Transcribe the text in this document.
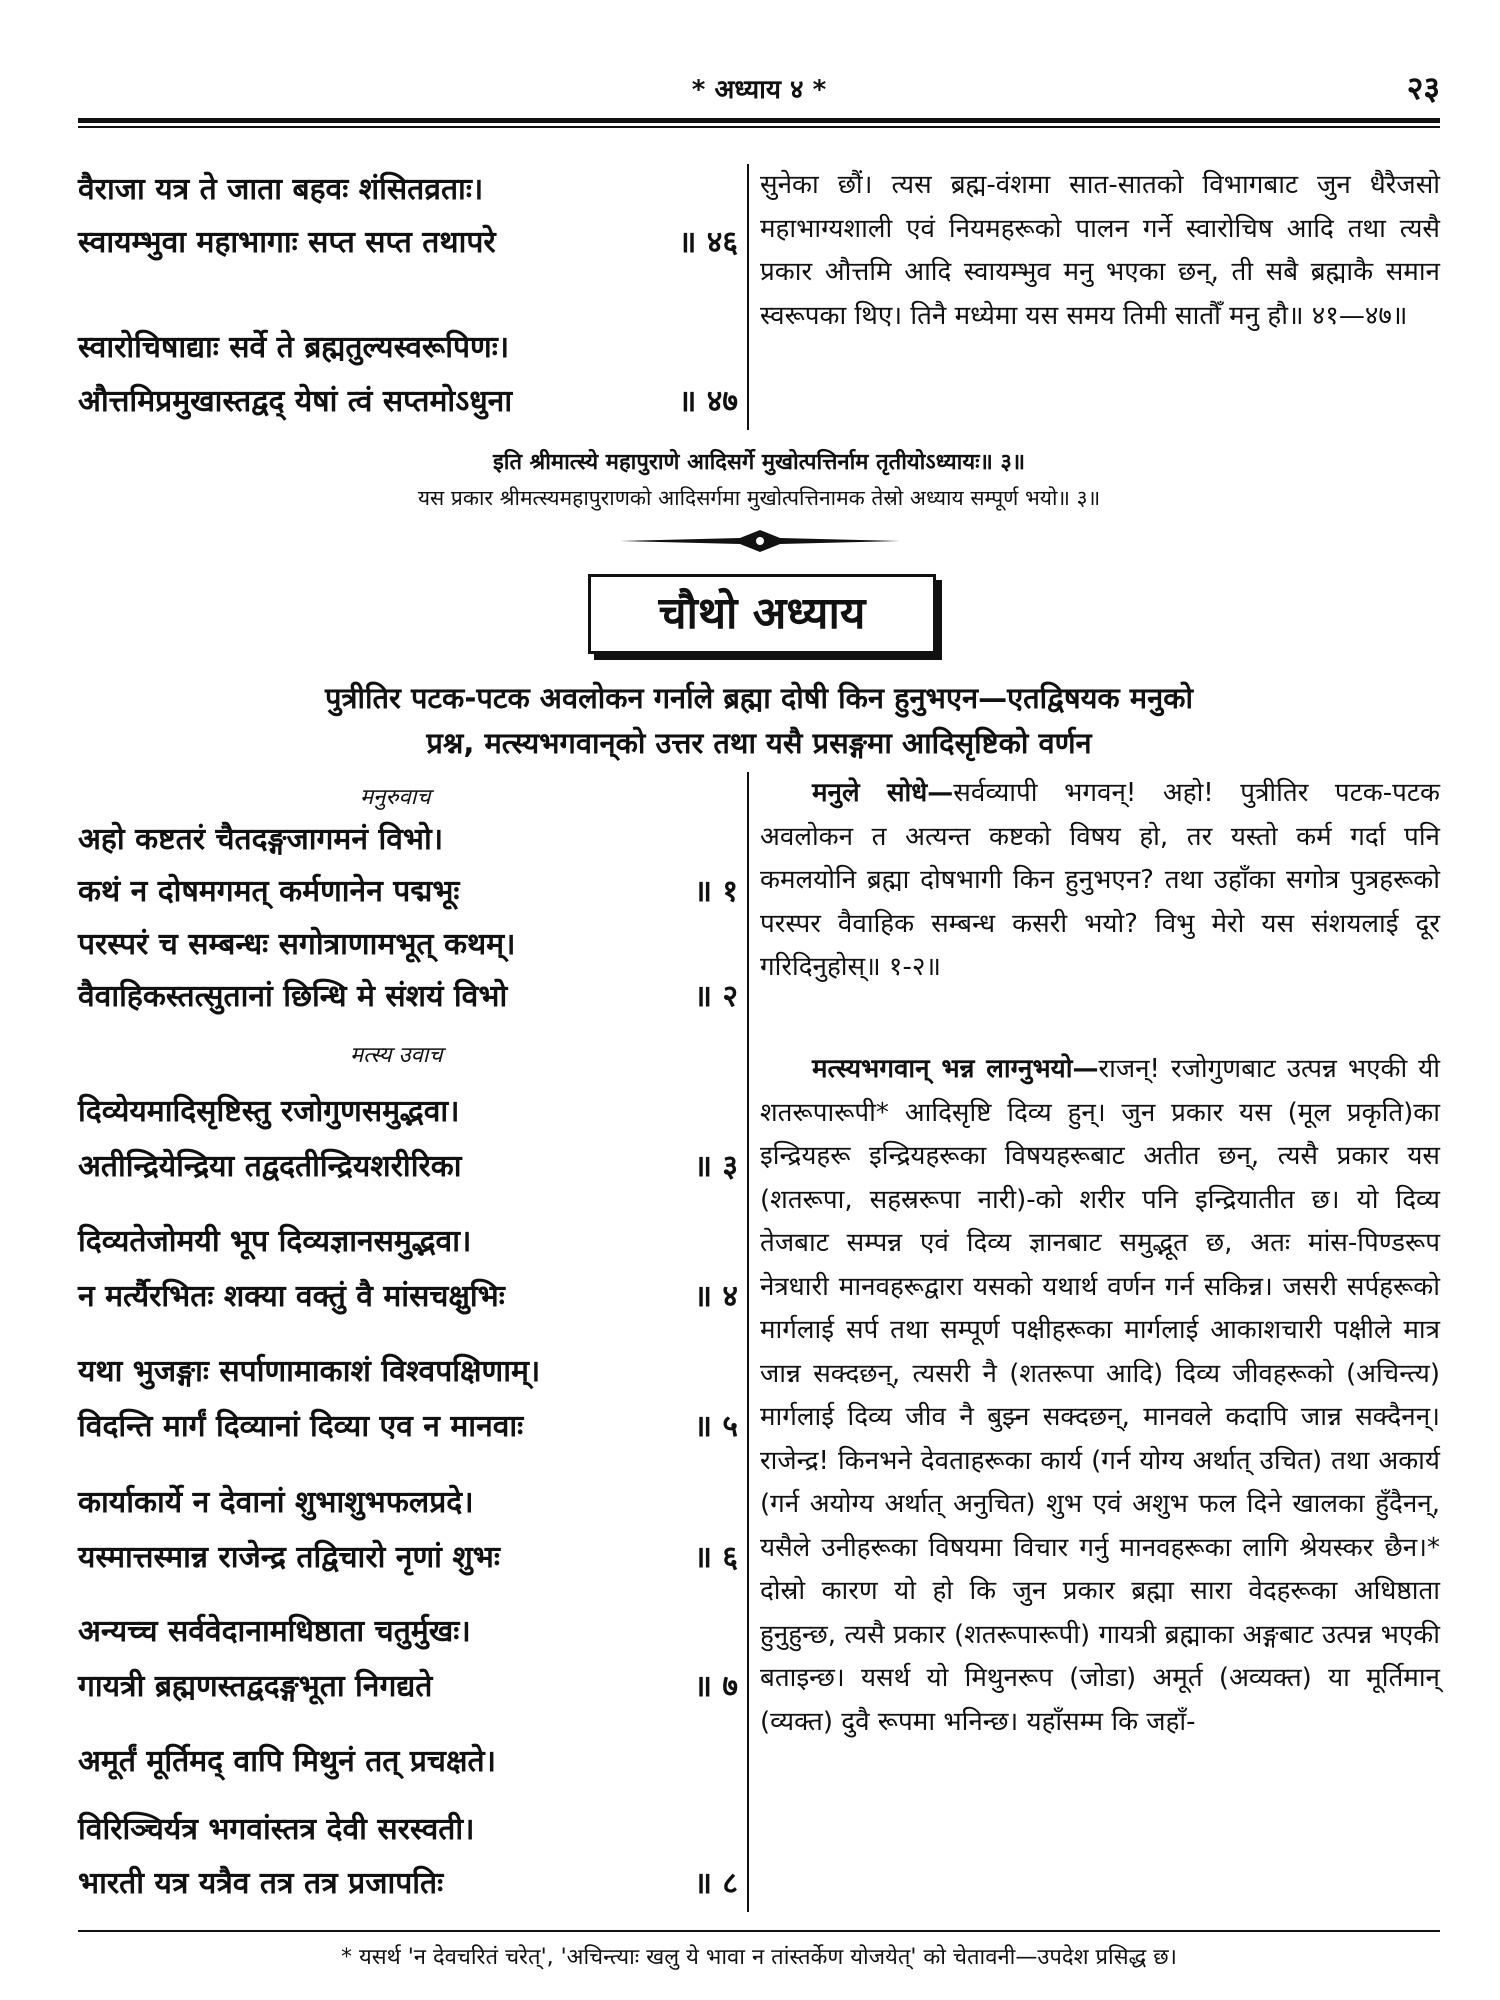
* अध्याय ४ *	२३
वैराजा यत्र ते जाता बहवः शंसितव्रताः।
स्वायम्भुवा महाभागाः सप्त सप्त तथापरे	॥ ४६
स्वारोचिषाद्याः सर्वे ते ब्रह्मतुल्यस्वरूपिणः।
औत्तमिप्रमुखास्तद्वद् येषां त्वं सप्तमोऽधुना	॥ ४७

सुनेका छौं। त्यस ब्रह्म-वंशमा सात-सातको विभागबाट जुन धैरैजसो महाभाग्यशाली एवं नियमहरूको पालन गर्ने स्वारोचिष आदि तथा त्यसै प्रकार औत्तमि आदि स्वायम्भुव मनु भएका छन्, ती सबै ब्रह्माकै समान स्वरूपका थिए। तिनै मध्येमा यस समय तिमी सातौँ मनु हौ॥ ४१—४७॥

इति श्रीमात्स्ये महापुराणे आदिसर्गे मुखोत्पत्तिर्नाम तृतीयोऽध्यायः॥ ३॥
यस प्रकार श्रीमत्स्यमहापुराणको आदिसर्गमा मुखोत्पत्तिनामक तेस्रो अध्याय सम्पूर्ण भयो॥ ३॥
चौथो अध्याय
पुत्रीतिर पटक-पटक अवलोकन गर्नाले ब्रह्मा दोषी किन हुनुभएन—एतद्विषयक मनुको
प्रश्न, मत्स्यभगवान्‌को उत्तर तथा यसै प्रसङ्गमा आदिसृष्टिको वर्णन
मनुरुवाच
अहो कष्टतरं चैतदङ्गजागमनं विभो।
कथं न दोषमगमत् कर्मणानेन पद्मभूः	॥ १
परस्परं च सम्बन्धः सगोत्राणामभूत् कथम्।
वैवाहिकस्तत्सुतानां छिन्धि मे संशयं विभो	॥ २
मत्स्य उवाच
दिव्येयमादिसृष्टिस्तु रजोगुणसमुद्भवा।
अतीन्द्रियेन्द्रिया तद्वदतीन्द्रियशरीरिका	॥ ३
दिव्यतेजोमयी भूप दिव्यज्ञानसमुद्भवा।
न मर्त्यैरभितः शक्या वक्तुं वै मांसचक्षुभिः	॥ ४
यथा भुजङ्गाः सर्पाणामाकाशं विश्वपक्षिणाम्।
विदन्ति मार्गं दिव्यानां दिव्या एव न मानवाः	॥ ५
कार्याकार्ये न देवानां शुभाशुभफलप्रदे।
यस्मात्तस्मान्न राजेन्द्र तद्विचारो नृणां शुभः	॥ ६
अन्यच्च सर्ववेदानामधिष्ठाता चतुर्मुखः।
गायत्री ब्रह्मणस्तद्वदङ्गभूता निगद्यते	॥ ७
अमूर्तं मूर्तिमद् वापि मिथुनं तत् प्रचक्षते।
विरिञ्चिर्यत्र भगवांस्तत्र देवी सरस्वती।
भारती यत्र यत्रैव तत्र तत्र प्रजापतिः	॥ ८

मनुले सोधे—सर्वव्यापी भगवन्! अहो! पुत्रीतिर पटक-पटक अवलोकन त अत्यन्त कष्टको विषय हो, तर यस्तो कर्म गर्दा पनि कमलयोनि ब्रह्मा दोषभागी किन हुनुभएन? तथा उहाँका सगोत्र पुत्रहरूको परस्पर वैवाहिक सम्बन्ध कसरी भयो? विभु मेरो यस संशयलाई दूर गरिदिनुहोस्॥ १-२॥

मत्स्यभगवान् भन्न लाग्नुभयो—राजन्! रजोगुणबाट उत्पन्न भएकी यी शतरूपारूपी* आदिसृष्टि दिव्य हुन्। जुन प्रकार यस (मूल प्रकृति)का इन्द्रियहरू इन्द्रियहरूका विषयहरूबाट अतीत छन्, त्यसै प्रकार यस (शतरूपा, सहस्ररूपा नारी)-को शरीर पनि इन्द्रियातीत छ। यो दिव्य तेजबाट सम्पन्न एवं दिव्य ज्ञानबाट समुद्भूत छ, अतः मांस-पिण्डरूप नेत्रधारी मानवहरूद्वारा यसको यथार्थ वर्णन गर्न सकिन्न। जसरी सर्पहरूको मार्गलाई सर्प तथा सम्पूर्ण पक्षीहरूका मार्गलाई आकाशचारी पक्षीले मात्र जान्न सक्दछन्, त्यसरी नै (शतरूपा आदि) दिव्य जीवहरूको (अचिन्त्य) मार्गलाई दिव्य जीव नै बुझ्न सक्दछन्, मानवले कदापि जान्न सक्दैनन्। राजेन्द्र! किनभने देवताहरूका कार्य (गर्न योग्य अर्थात् उचित) तथा अकार्य (गर्न अयोग्य अर्थात् अनुचित) शुभ एवं अशुभ फल दिने खालका हुँदैनन्, यसैले उनीहरूका विषयमा विचार गर्नु मानवहरूका लागि श्रेयस्कर छैन।* दोस्रो कारण यो हो कि जुन प्रकार ब्रह्मा सारा वेदहरूका अधिष्ठाता हुनुहुन्छ, त्यसै प्रकार (शतरूपारूपी) गायत्री ब्रह्माका अङ्गबाट उत्पन्न भएकी बताइन्छ। यसर्थ यो मिथुनरूप (जोडा) अमूर्त (अव्यक्त) या मूर्तिमान् (व्यक्त) दुवै रूपमा भनिन्छ। यहाँसम्म कि जहाँ-

* यसर्थ 'न देवचरितं चरेत्', 'अचिन्त्याः खलु ये भावा न तांस्तर्केण योजयेत्' को चेतावनी—उपदेश प्रसिद्ध छ।
